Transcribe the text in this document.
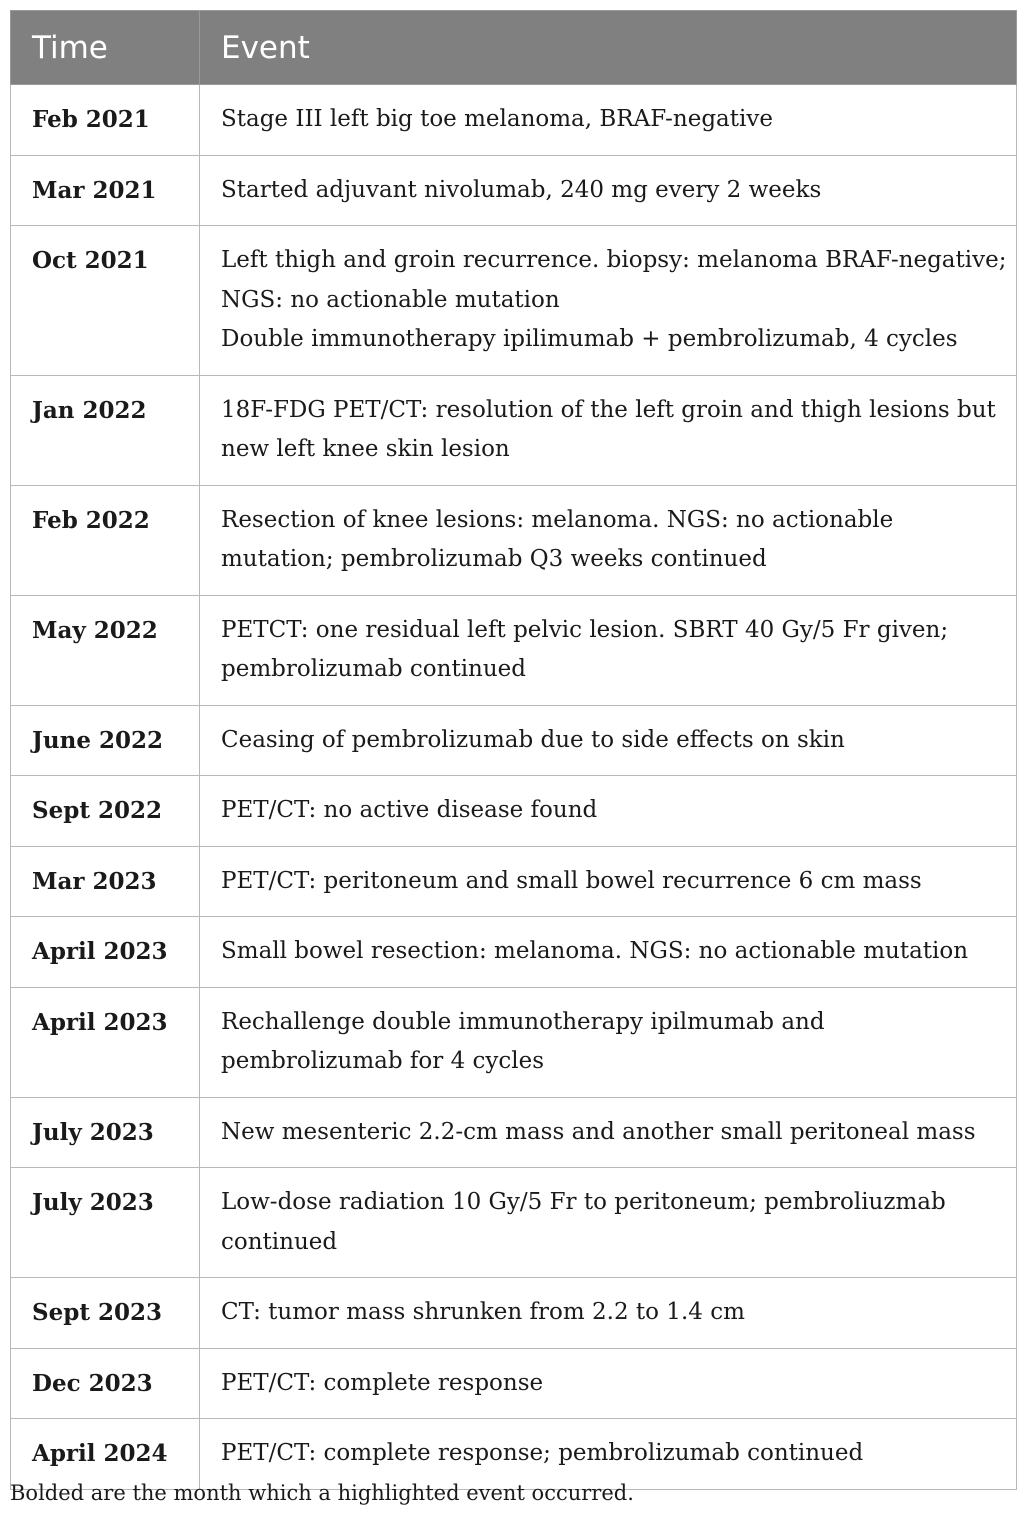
Time	Event
Feb 2021	Stage III left big toe melanoma, BRAF-negative
Mar 2021	Started adjuvant nivolumab, 240 mg every 2 weeks
Oct 2021	Left thigh and groin recurrence. biopsy: melanoma BRAF-negative; NGS: no actionable mutation
Double immunotherapy ipilimumab + pembrolizumab, 4 cycles
Jan 2022	18F-FDG PET/CT: resolution of the left groin and thigh lesions but new left knee skin lesion
Feb 2022	Resection of knee lesions: melanoma. NGS: no actionable mutation; pembrolizumab Q3 weeks continued
May 2022	PETCT: one residual left pelvic lesion. SBRT 40 Gy/5 Fr given; pembrolizumab continued
June 2022	Ceasing of pembrolizumab due to side effects on skin
Sept 2022	PET/CT: no active disease found
Mar 2023	PET/CT: peritoneum and small bowel recurrence 6 cm mass
April 2023	Small bowel resection: melanoma. NGS: no actionable mutation
April 2023	Rechallenge double immunotherapy ipilmumab and pembrolizumab for 4 cycles
July 2023	New mesenteric 2.2-cm mass and another small peritoneal mass
July 2023	Low-dose radiation 10 Gy/5 Fr to peritoneum; pembroliuzmab continued
Sept 2023	CT: tumor mass shrunken from 2.2 to 1.4 cm
Dec 2023	PET/CT: complete response
April 2024	PET/CT: complete response; pembrolizumab continued
Bolded are the month which a highlighted event occurred.
